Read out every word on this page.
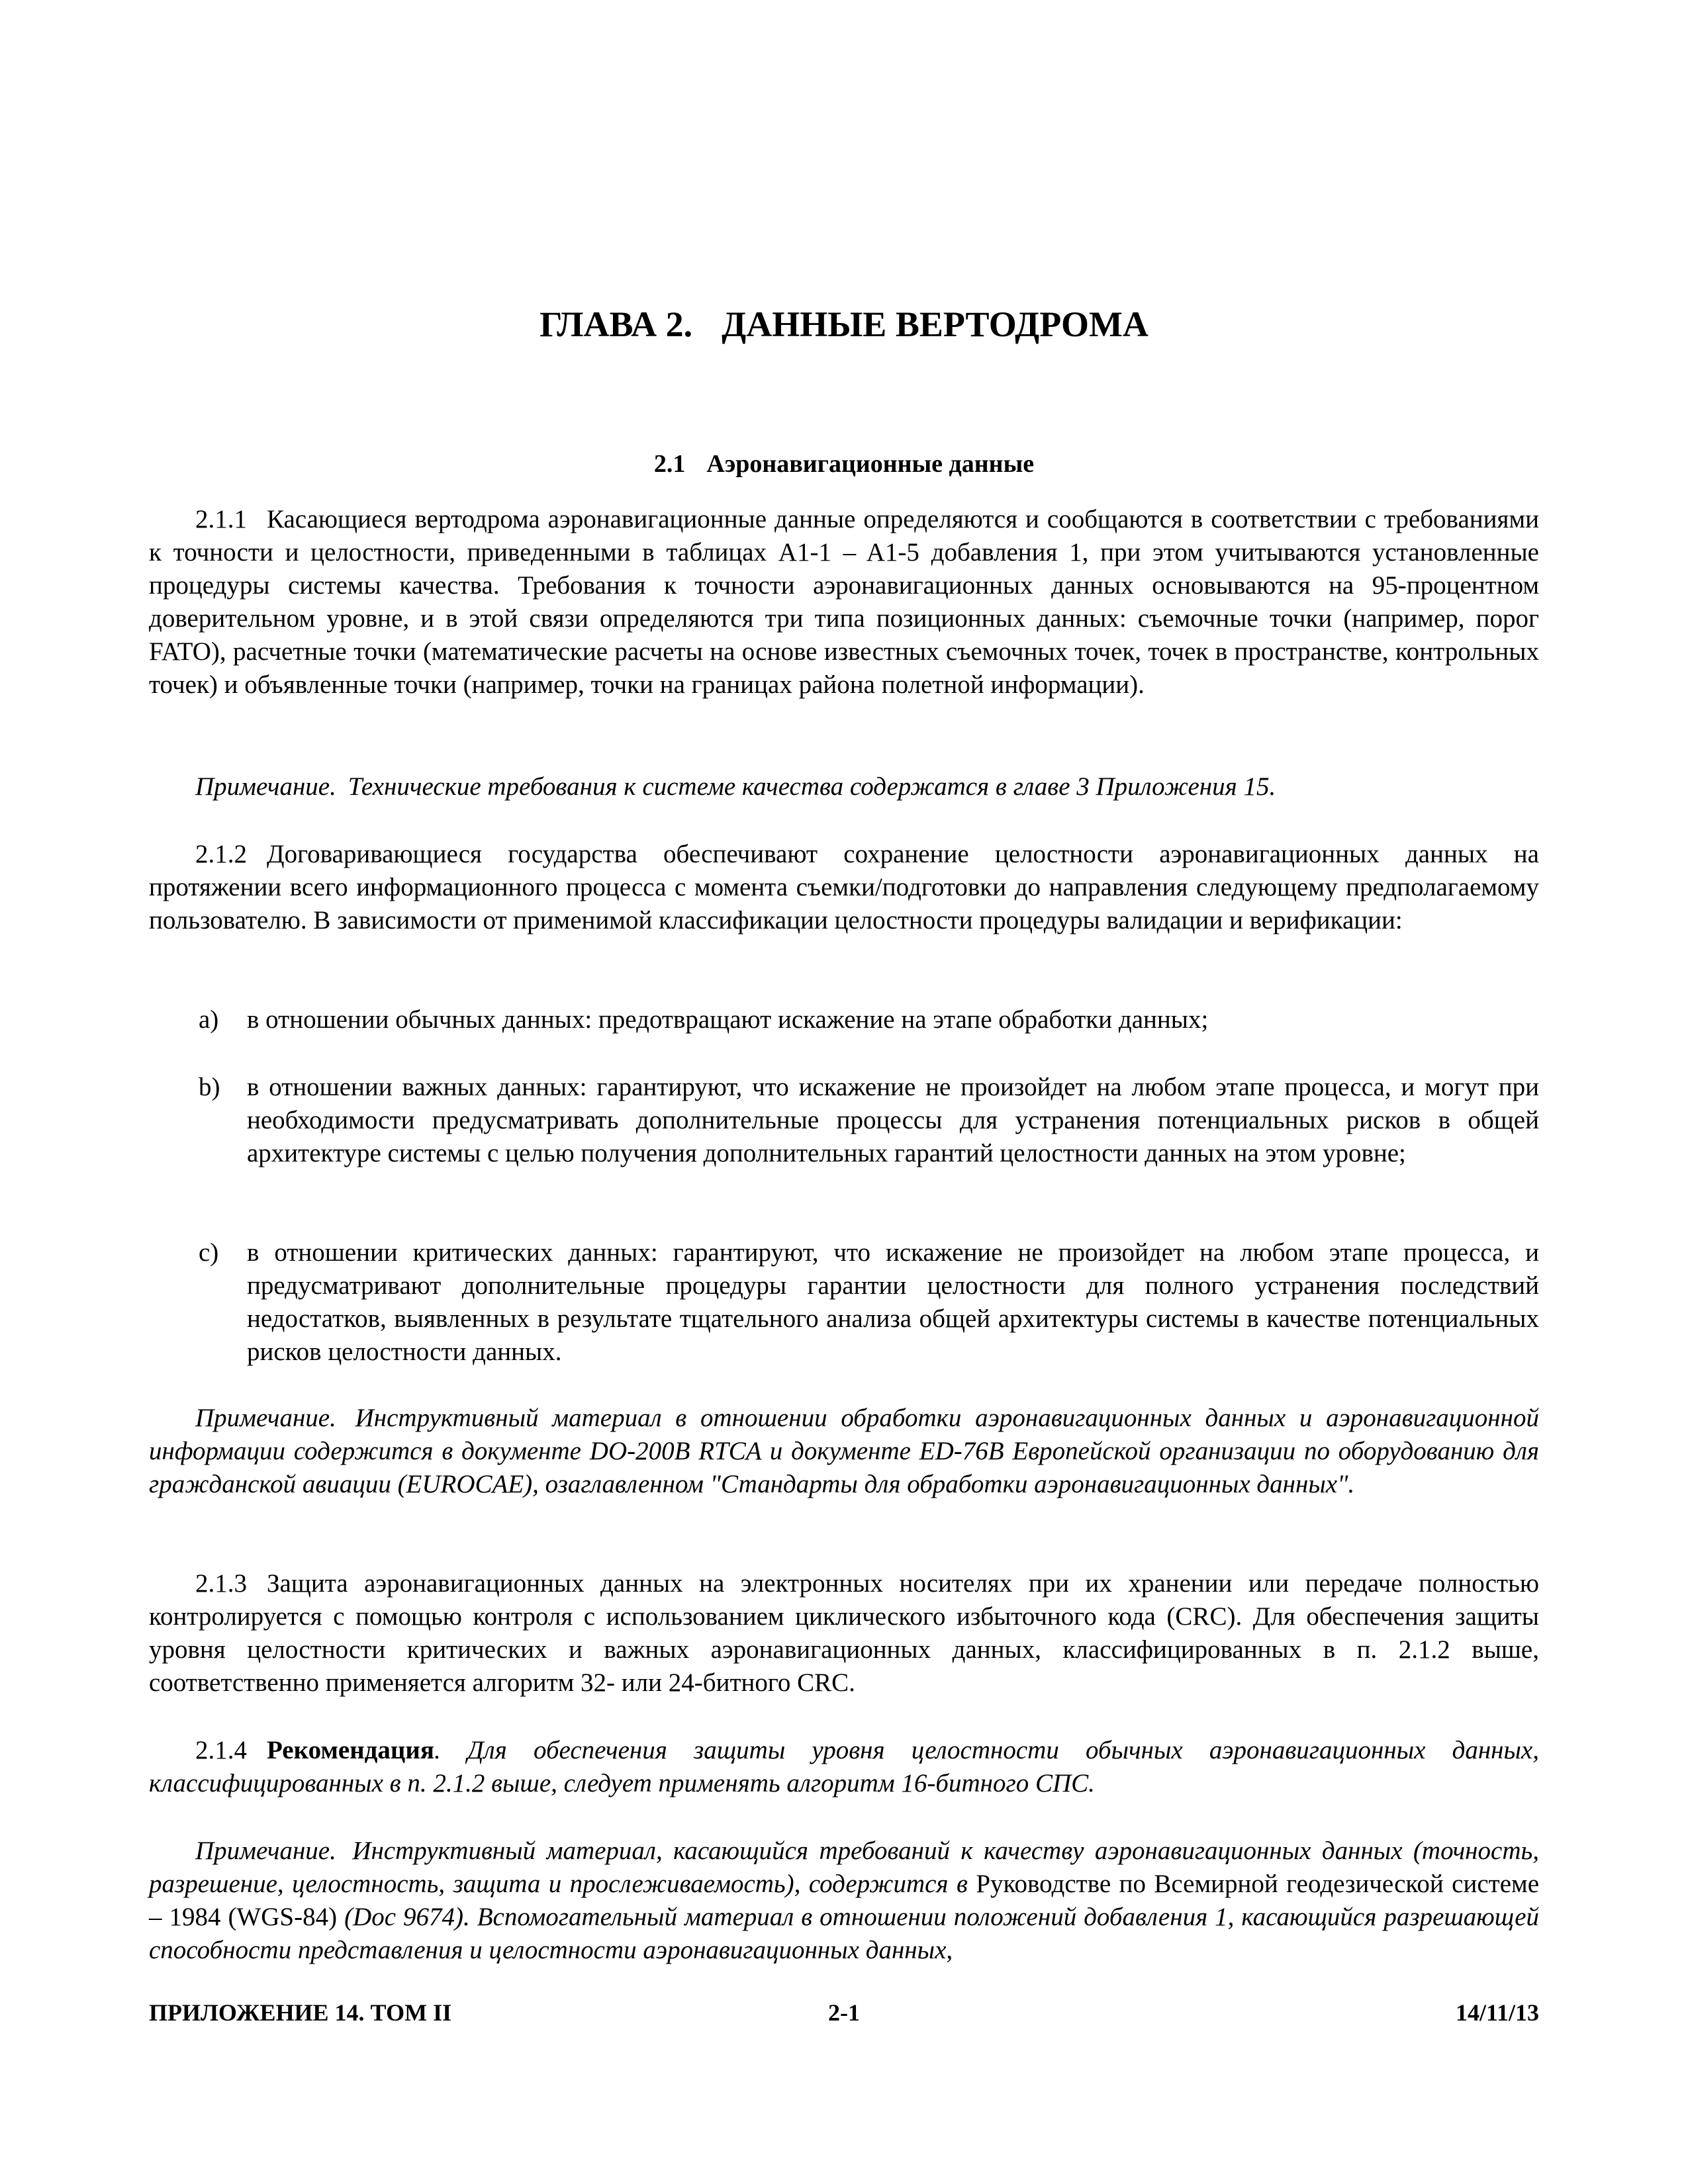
ГЛАВА 2. ДАННЫЕ ВЕРТОДРОМА
2.1 Аэронавигационные данные
2.1.1 Касающиеся вертодрома аэронавигационные данные определяются и сообщаются в соответствии с требованиями к точности и целостности, приведенными в таблицах A1-1 – A1-5 добавления 1, при этом учитываются установленные процедуры системы качества. Требования к точности аэронавигационных данных основываются на 95-процентном доверительном уровне, и в этой связи определяются три типа позиционных данных: съемочные точки (например, порог FATO), расчетные точки (математические расчеты на основе известных съемочных точек, точек в пространстве, контрольных точек) и объявленные точки (например, точки на границах района полетной информации).
Примечание. Технические требования к системе качества содержатся в главе 3 Приложения 15.
2.1.2 Договаривающиеся государства обеспечивают сохранение целостности аэронавигационных данных на протяжении всего информационного процесса с момента съемки/подготовки до направления следующему предполагаемому пользователю. В зависимости от применимой классификации целостности процедуры валидации и верификации:
a) в отношении обычных данных: предотвращают искажение на этапе обработки данных;
b) в отношении важных данных: гарантируют, что искажение не произойдет на любом этапе процесса, и могут при необходимости предусматривать дополнительные процессы для устранения потенциальных рисков в общей архитектуре системы с целью получения дополнительных гарантий целостности данных на этом уровне;
c) в отношении критических данных: гарантируют, что искажение не произойдет на любом этапе процесса, и предусматривают дополнительные процедуры гарантии целостности для полного устранения последствий недостатков, выявленных в результате тщательного анализа общей архитектуры системы в качестве потенциальных рисков целостности данных.
Примечание. Инструктивный материал в отношении обработки аэронавигационных данных и аэронавигационной информации содержится в документе DO-200B RTCA и документе ED-76B Европейской организации по оборудованию для гражданской авиации (EUROCAE), озаглавленном "Стандарты для обработки аэронавигационных данных".
2.1.3 Защита аэронавигационных данных на электронных носителях при их хранении или передаче полностью контролируется с помощью контроля с использованием циклического избыточного кода (CRC). Для обеспечения защиты уровня целостности критических и важных аэронавигационных данных, классифицированных в п. 2.1.2 выше, соответственно применяется алгоритм 32- или 24-битного CRC.
2.1.4 Рекомендация. Для обеспечения защиты уровня целостности обычных аэронавигационных данных, классифицированных в п. 2.1.2 выше, следует применять алгоритм 16-битного СПС.
Примечание. Инструктивный материал, касающийся требований к качеству аэронавигационных данных (точность, разрешение, целостность, защита и прослеживаемость), содержится в Руководстве по Всемирной геодезической системе – 1984 (WGS-84) (Doc 9674). Вспомогательный материал в отношении положений добавления 1, касающийся разрешающей способности представления и целостности аэронавигационных данных,
ПРИЛОЖЕНИЕ 14. ТОМ II	2-1	14/11/13
